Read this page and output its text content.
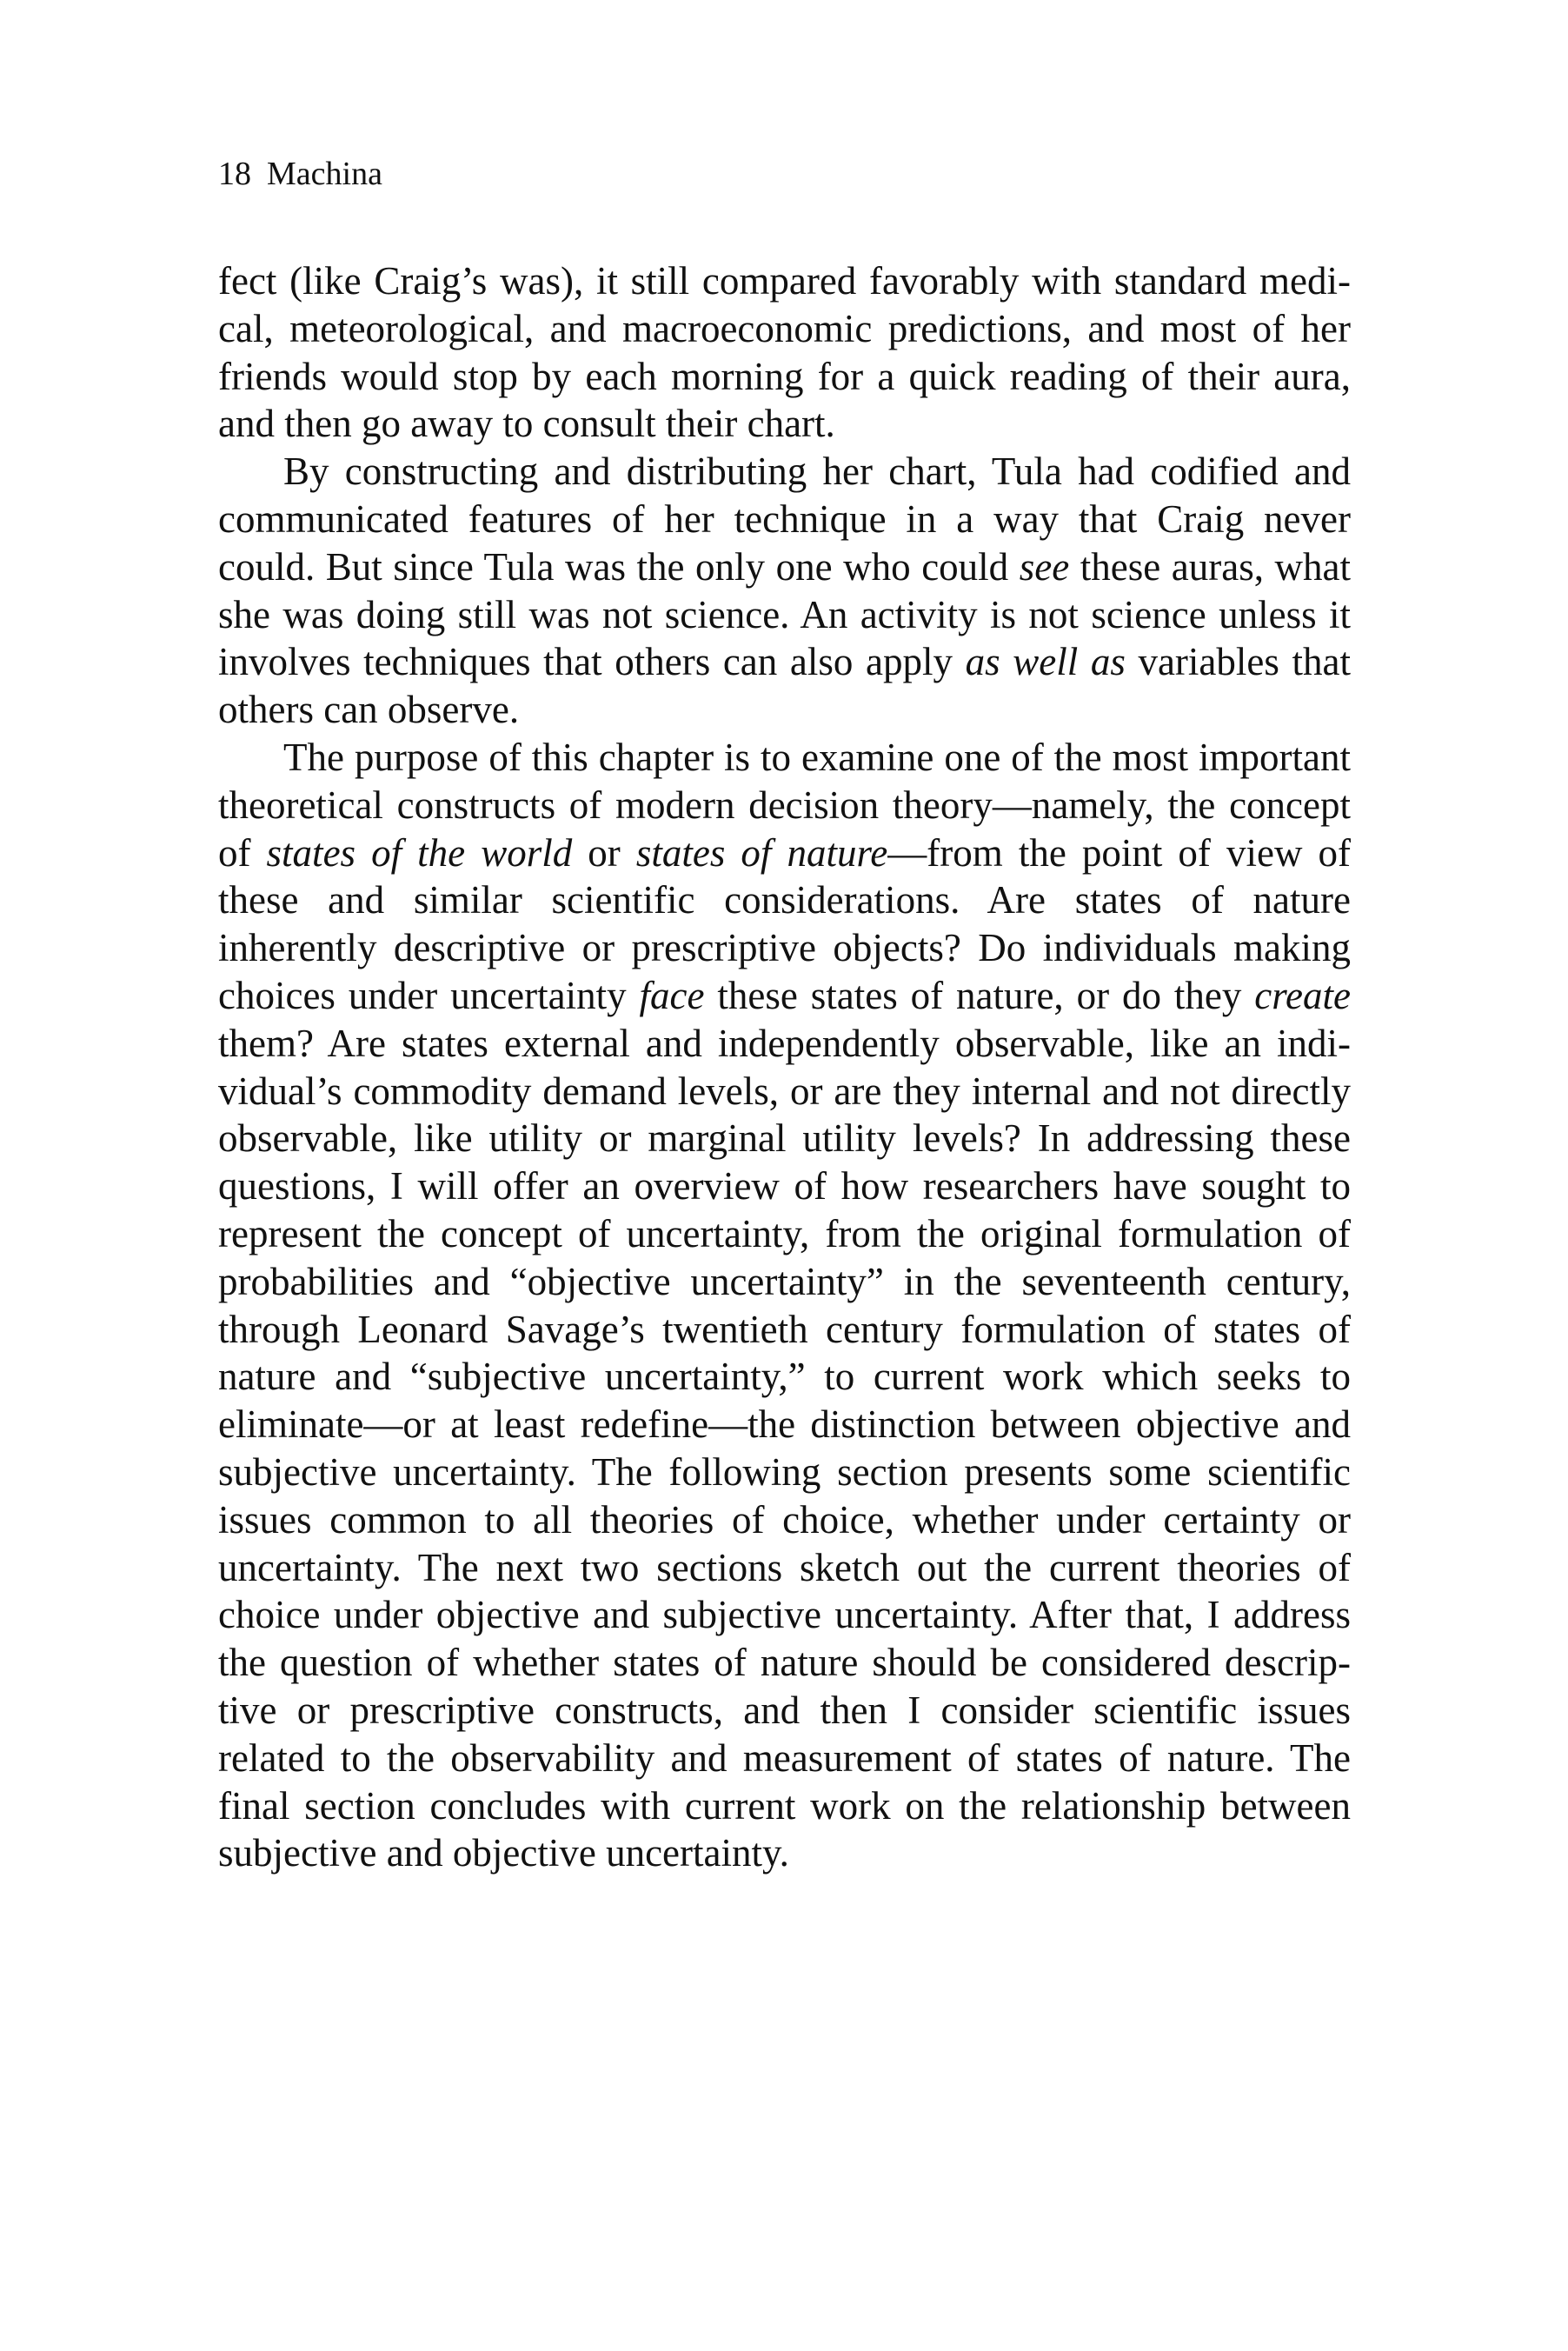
18 Machina

fect (like Craig’s was), it still compared favorably with standard medical, meteorological, and macroeconomic predictions, and most of her friends would stop by each morning for a quick reading of their aura, and then go away to consult their chart.

By constructing and distributing her chart, Tula had codified and communicated features of her technique in a way that Craig never could. But since Tula was the only one who could see these auras, what she was doing still was not science. An activity is not science unless it involves techniques that others can also apply as well as variables that others can observe.

The purpose of this chapter is to examine one of the most important theoretical constructs of modern decision theory—namely, the concept of states of the world or states of nature—from the point of view of these and similar scientific considerations. Are states of nature inherently descriptive or prescriptive objects? Do individuals making choices under uncertainty face these states of nature, or do they create them? Are states external and independently observable, like an individual’s commodity demand levels, or are they internal and not directly observable, like utility or marginal utility levels? In addressing these questions, I will offer an overview of how researchers have sought to represent the concept of uncertainty, from the original formulation of probabilities and “objective uncertainty” in the seventeenth century, through Leonard Savage’s twentieth century formulation of states of nature and “subjective uncertainty,” to current work which seeks to eliminate—or at least redefine—the distinction between objective and subjective uncertainty. The following section presents some scientific issues common to all theories of choice, whether under certainty or uncertainty. The next two sections sketch out the current theories of choice under objective and subjective uncertainty. After that, I address the question of whether states of nature should be considered descriptive or prescriptive constructs, and then I consider scientific issues related to the observability and measurement of states of nature. The final section concludes with current work on the relationship between subjective and objective uncertainty.
